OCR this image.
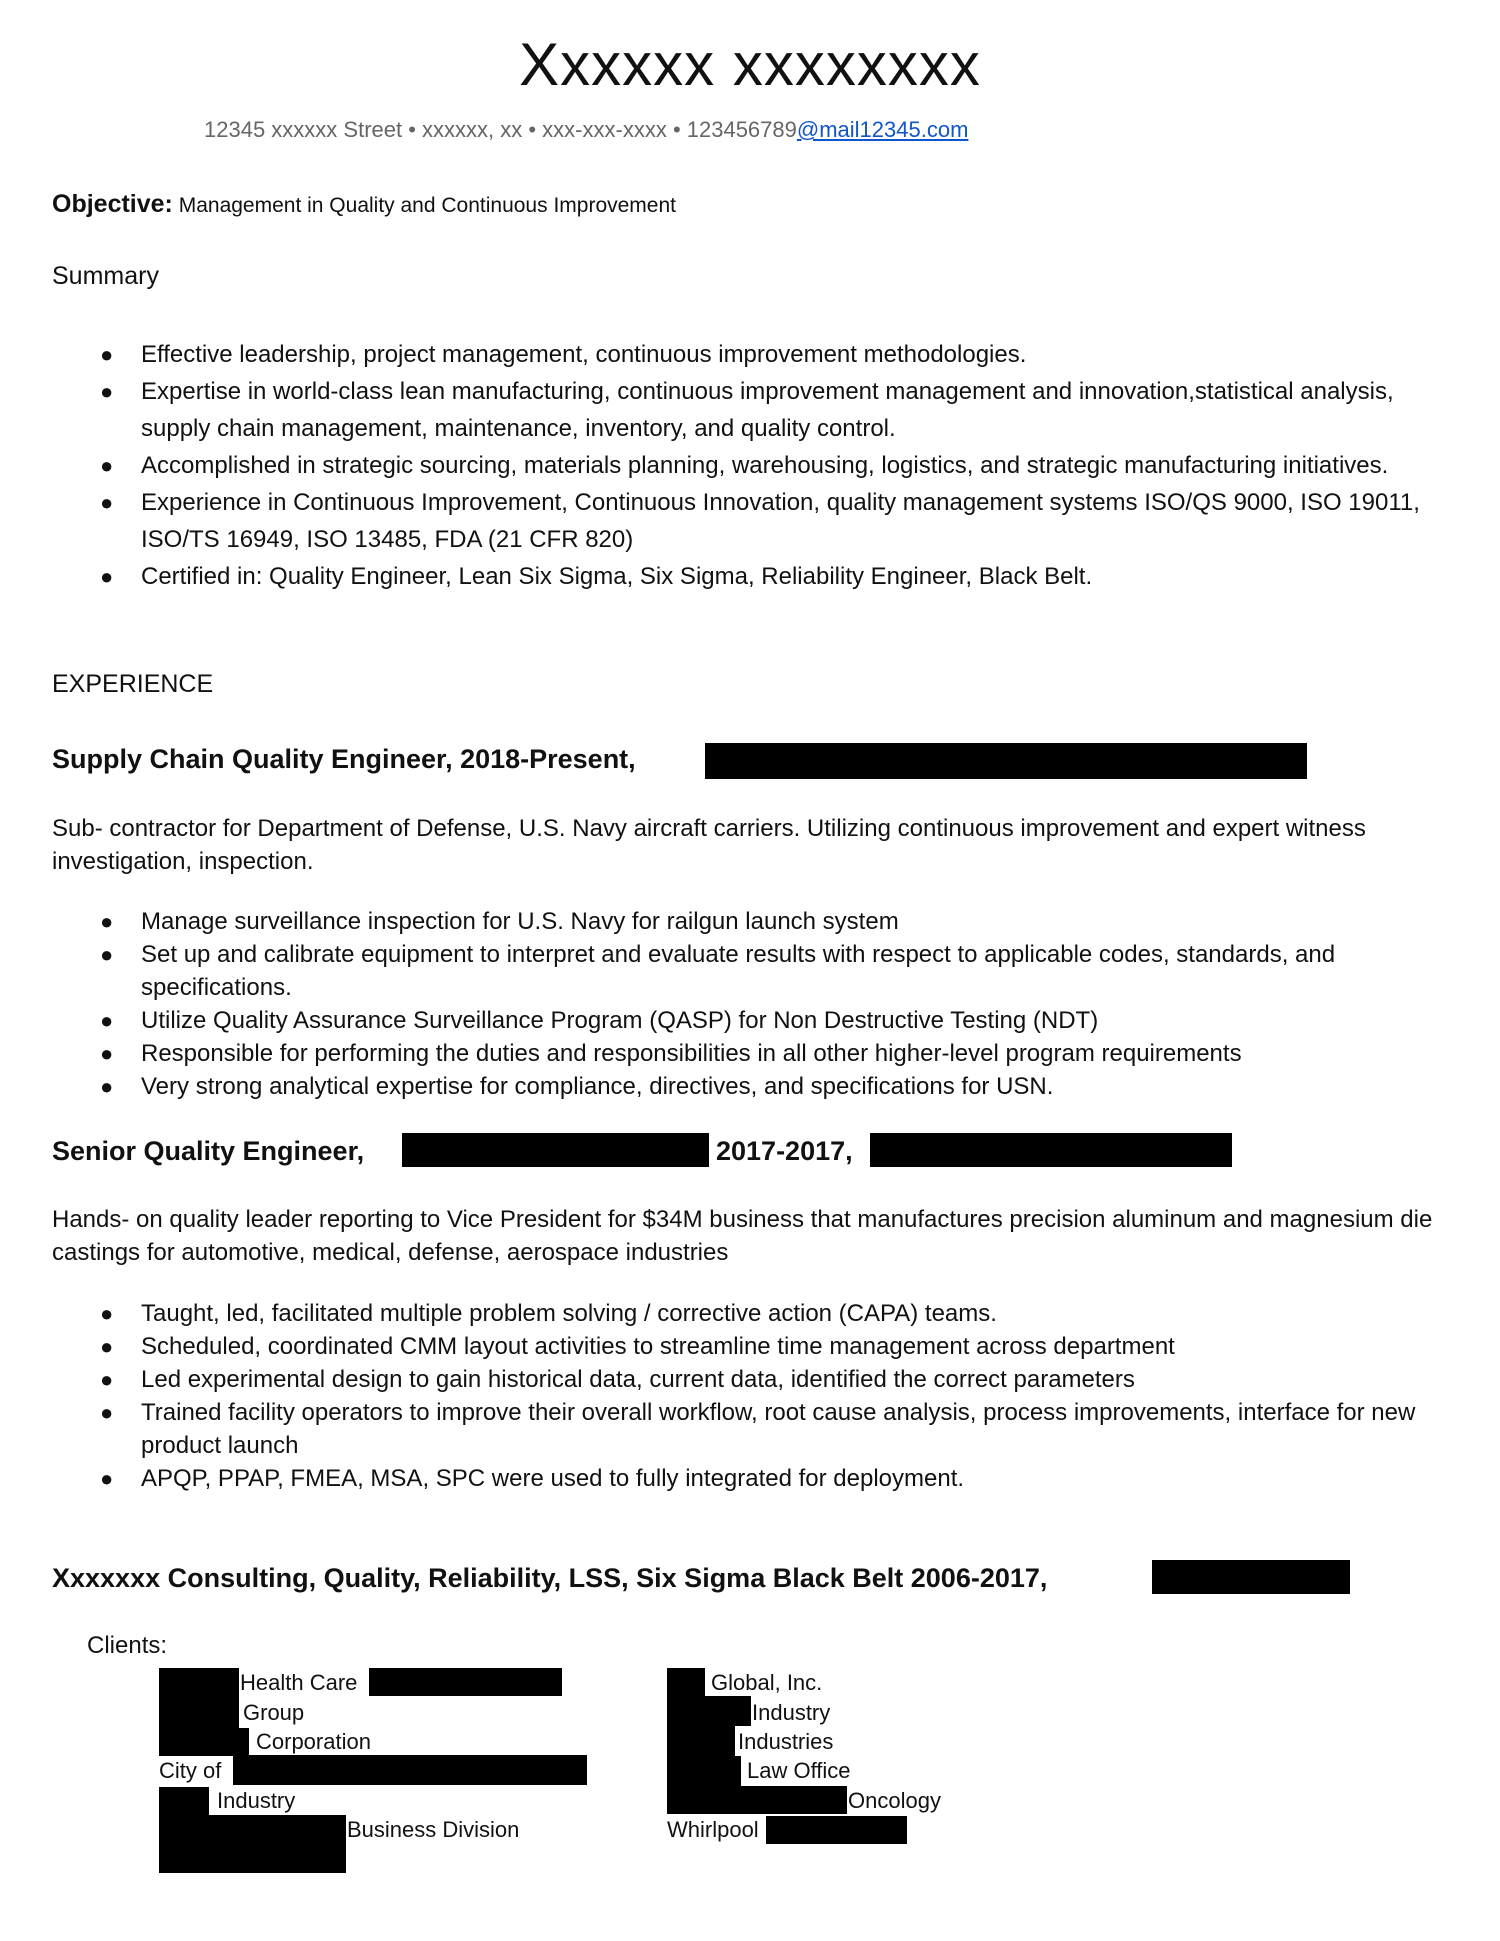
Xxxxxx xxxxxxxx
12345 xxxxxx Street • xxxxxx, xx • xxx-xxx-xxxx • 123456789@mail12345.com
Objective: Management in Quality and Continuous Improvement
Summary
● Effective leadership, project management, continuous improvement methodologies.
● Expertise in world-class lean manufacturing, continuous improvement management and innovation,statistical analysis, supply chain management, maintenance, inventory, and quality control.
● Accomplished in strategic sourcing, materials planning, warehousing, logistics, and strategic manufacturing initiatives.
● Experience in Continuous Improvement, Continuous Innovation, quality management systems ISO/QS 9000, ISO 19011, ISO/TS 16949, ISO 13485, FDA (21 CFR 820)
● Certified in: Quality Engineer, Lean Six Sigma, Six Sigma, Reliability Engineer, Black Belt.
EXPERIENCE
Supply Chain Quality Engineer, 2018-Present,
Sub- contractor for Department of Defense, U.S. Navy aircraft carriers. Utilizing continuous improvement and expert witness investigation, inspection.
● Manage surveillance inspection for U.S. Navy for railgun launch system
● Set up and calibrate equipment to interpret and evaluate results with respect to applicable codes, standards, and specifications.
● Utilize Quality Assurance Surveillance Program (QASP) for Non Destructive Testing (NDT)
● Responsible for performing the duties and responsibilities in all other higher-level program requirements
● Very strong analytical expertise for compliance, directives, and specifications for USN.
Senior Quality Engineer,	2017-2017,
Hands- on quality leader reporting to Vice President for $34M business that manufactures precision aluminum and magnesium die castings for automotive, medical, defense, aerospace industries
● Taught, led, facilitated multiple problem solving / corrective action (CAPA) teams.
● Scheduled, coordinated CMM layout activities to streamline time management across department
● Led experimental design to gain historical data, current data, identified the correct parameters
● Trained facility operators to improve their overall workflow, root cause analysis, process improvements, interface for new product launch
● APQP, PPAP, FMEA, MSA, SPC were used to fully integrated for deployment.
Xxxxxxx Consulting, Quality, Reliability, LSS, Six Sigma Black Belt 2006-2017,
Clients:
Health Care
Group
Corporation
City of
Industry
Business Division
Global, Inc.
Industry
Industries
Law Office
Oncology
Whirlpool
